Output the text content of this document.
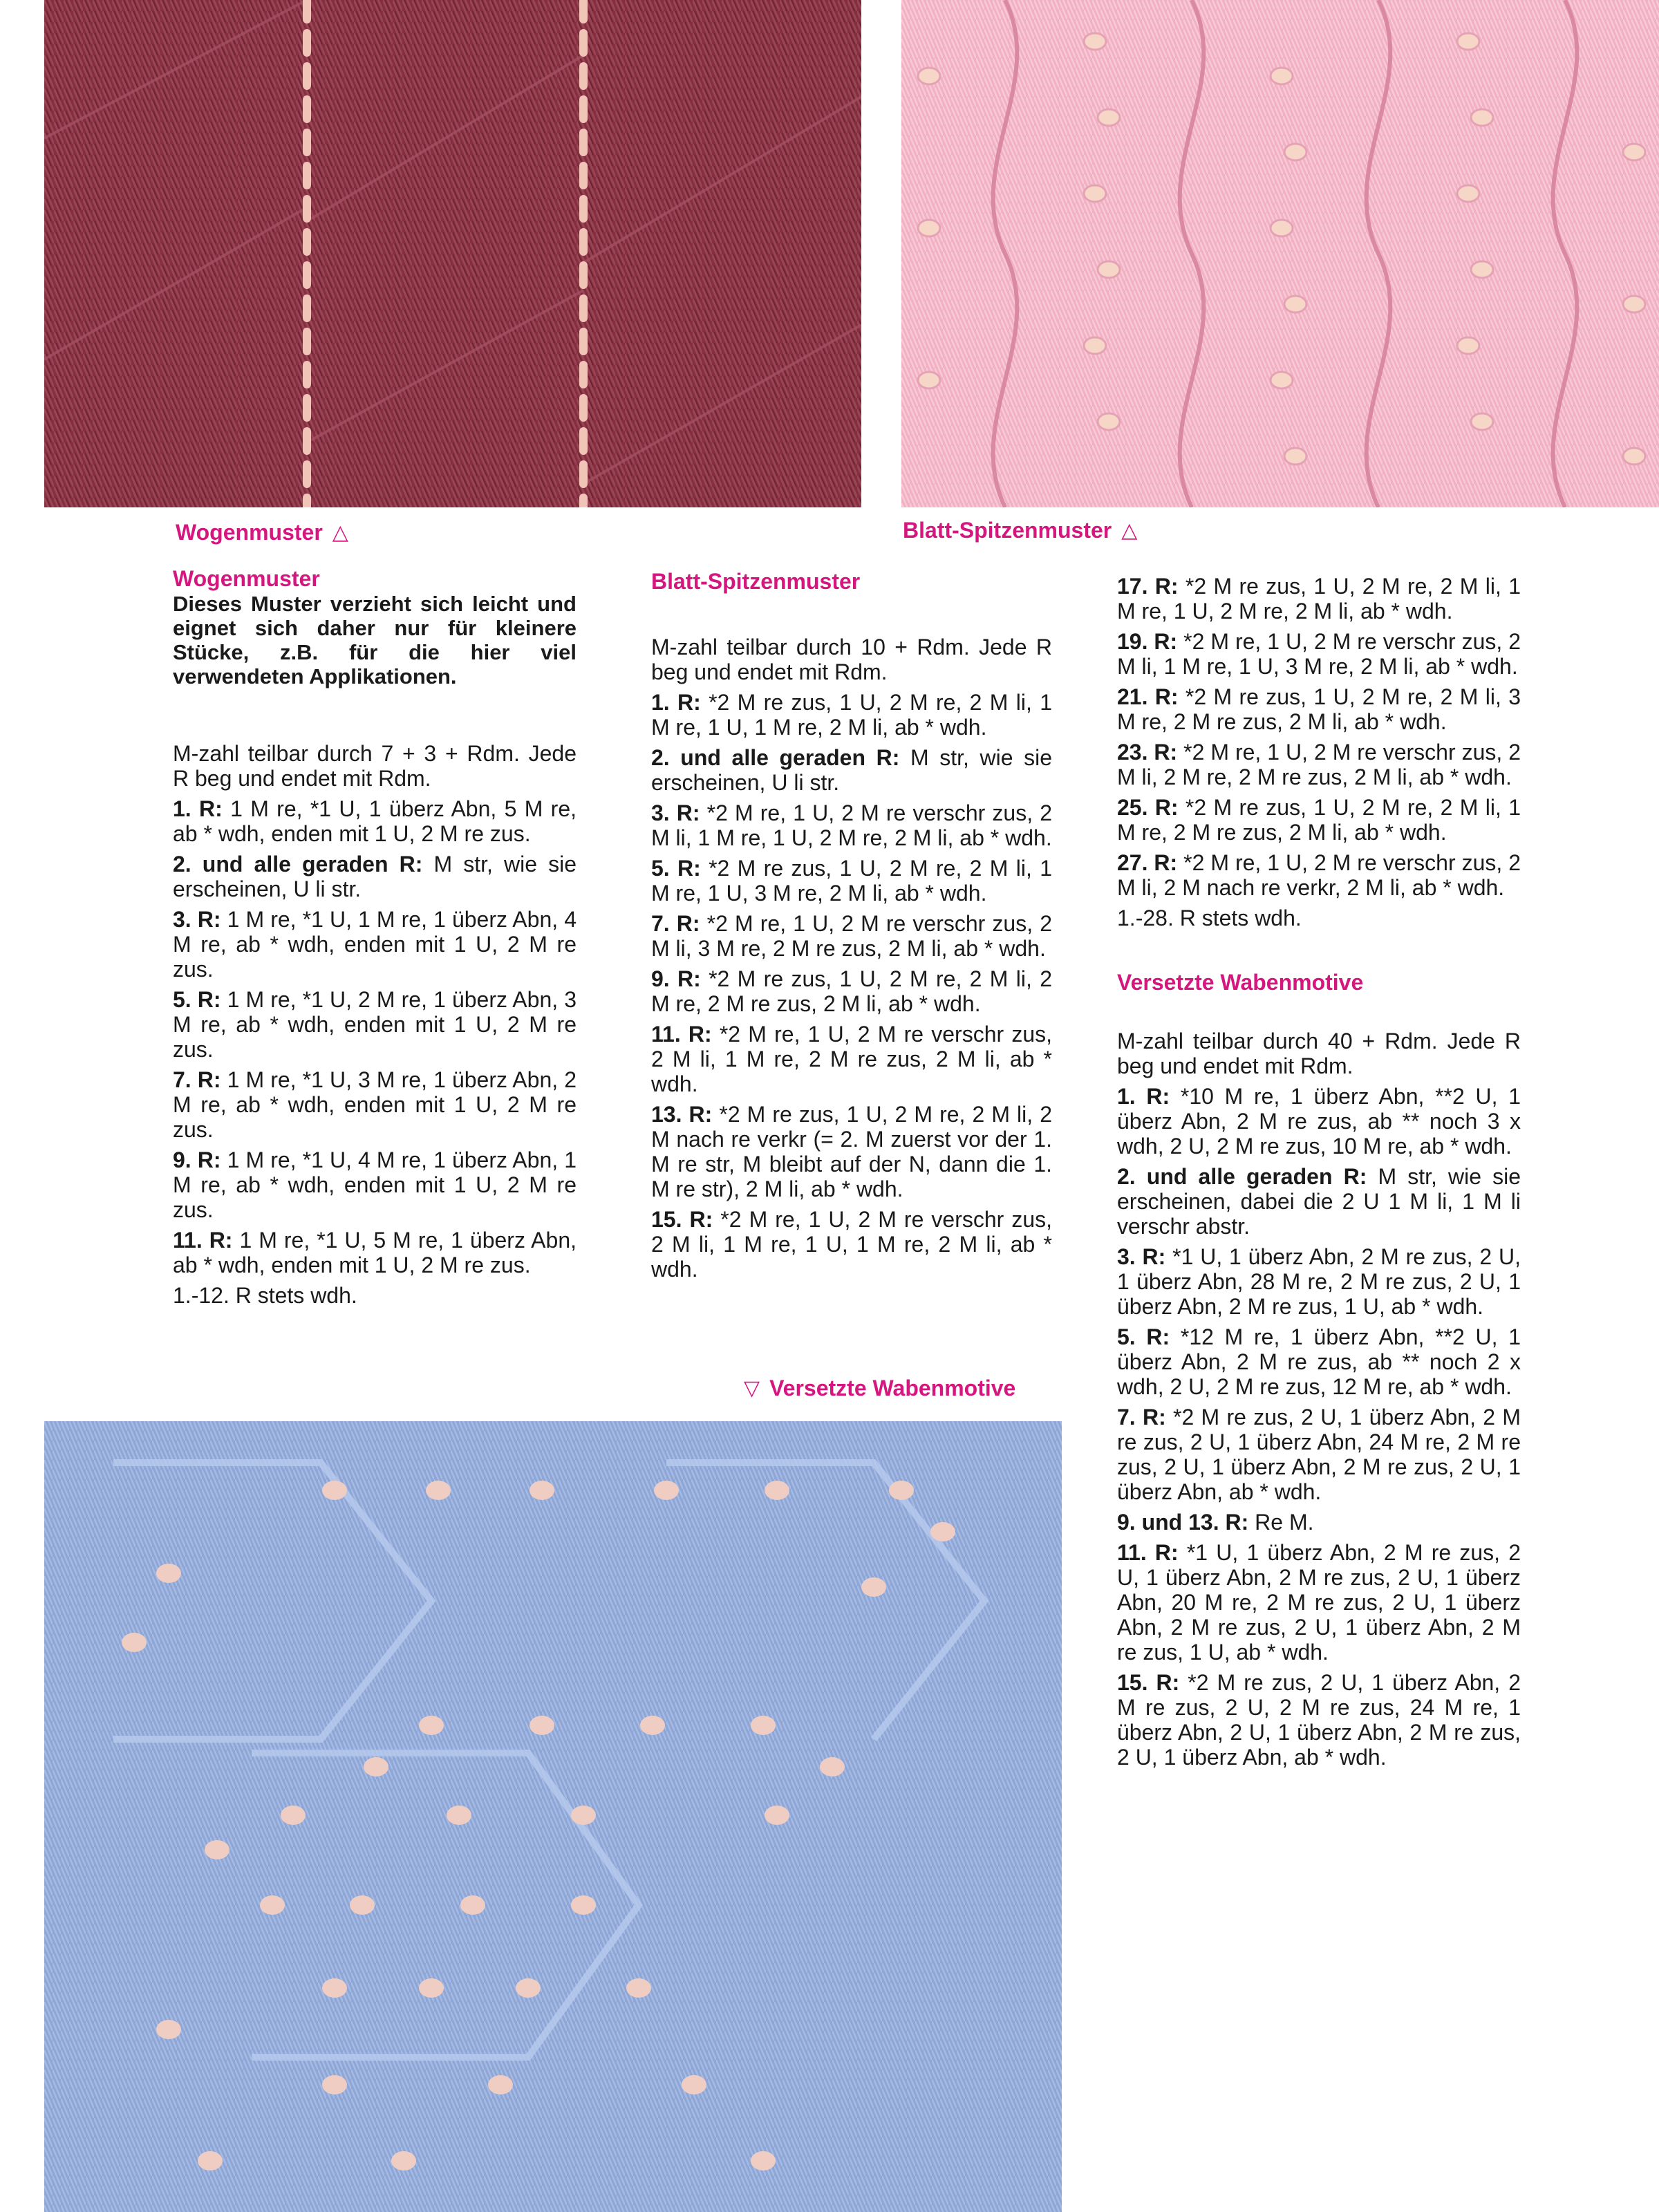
Wogenmuster △	Blatt-Spitzenmuster △
▽ Versetzte Wabenmotive
Wogenmuster

Dieses Muster verzieht sich leicht und eignet sich daher nur für kleinere Stücke, z.B. für die hier viel verwendeten Applikationen.

M-zahl teilbar durch 7 + 3 + Rdm. Jede R beg und endet mit Rdm.

1. R: 1 M re, *1 U, 1 überz Abn, 5 M re, ab * wdh, enden mit 1 U, 2 M re zus.

2. und alle geraden R: M str, wie sie erscheinen, U li str.

3. R: 1 M re, *1 U, 1 M re, 1 überz Abn, 4 M re, ab * wdh, enden mit 1 U, 2 M re zus.

5. R: 1 M re, *1 U, 2 M re, 1 überz Abn, 3 M re, ab * wdh, enden mit 1 U, 2 M re zus.

7. R: 1 M re, *1 U, 3 M re, 1 überz Abn, 2 M re, ab * wdh, enden mit 1 U, 2 M re zus.

9. R: 1 M re, *1 U, 4 M re, 1 überz Abn, 1 M re, ab * wdh, enden mit 1 U, 2 M re zus.

11. R: 1 M re, *1 U, 5 M re, 1 überz Abn, ab * wdh, enden mit 1 U, 2 M re zus.

1.-12. R stets wdh.

Blatt-Spitzenmuster

M-zahl teilbar durch 10 + Rdm. Jede R beg und endet mit Rdm.

1. R: *2 M re zus, 1 U, 2 M re, 2 M li, 1 M re, 1 U, 1 M re, 2 M li, ab * wdh.

2. und alle geraden R: M str, wie sie erscheinen, U li str.

3. R: *2 M re, 1 U, 2 M re verschr zus, 2 M li, 1 M re, 1 U, 2 M re, 2 M li, ab * wdh.

5. R: *2 M re zus, 1 U, 2 M re, 2 M li, 1 M re, 1 U, 3 M re, 2 M li, ab * wdh.

7. R: *2 M re, 1 U, 2 M re verschr zus, 2 M li, 3 M re, 2 M re zus, 2 M li, ab * wdh.

9. R: *2 M re zus, 1 U, 2 M re, 2 M li, 2 M re, 2 M re zus, 2 M li, ab * wdh.

11. R: *2 M re, 1 U, 2 M re verschr zus, 2 M li, 1 M re, 2 M re zus, 2 M li, ab * wdh.

13. R: *2 M re zus, 1 U, 2 M re, 2 M li, 2 M nach re verkr (= 2. M zuerst vor der 1. M re str, M bleibt auf der N, dann die 1. M re str), 2 M li, ab * wdh.

15. R: *2 M re, 1 U, 2 M re verschr zus, 2 M li, 1 M re, 1 U, 1 M re, 2 M li, ab * wdh.

17. R: *2 M re zus, 1 U, 2 M re, 2 M li, 1 M re, 1 U, 2 M re, 2 M li, ab * wdh.

19. R: *2 M re, 1 U, 2 M re verschr zus, 2 M li, 1 M re, 1 U, 3 M re, 2 M li, ab * wdh.

21. R: *2 M re zus, 1 U, 2 M re, 2 M li, 3 M re, 2 M re zus, 2 M li, ab * wdh.

23. R: *2 M re, 1 U, 2 M re verschr zus, 2 M li, 2 M re, 2 M re zus, 2 M li, ab * wdh.

25. R: *2 M re zus, 1 U, 2 M re, 2 M li, 1 M re, 2 M re zus, 2 M li, ab * wdh.

27. R: *2 M re, 1 U, 2 M re verschr zus, 2 M li, 2 M nach re verkr, 2 M li, ab * wdh.

1.-28. R stets wdh.

Versetzte Wabenmotive

M-zahl teilbar durch 40 + Rdm. Jede R beg und endet mit Rdm.

1. R: *10 M re, 1 überz Abn, **2 U, 1 überz Abn, 2 M re zus, ab ** noch 3 x wdh, 2 U, 2 M re zus, 10 M re, ab * wdh.

2. und alle geraden R: M str, wie sie erscheinen, dabei die 2 U 1 M li, 1 M li verschr abstr.

3. R: *1 U, 1 überz Abn, 2 M re zus, 2 U, 1 überz Abn, 28 M re, 2 M re zus, 2 U, 1 überz Abn, 2 M re zus, 1 U, ab * wdh.

5. R: *12 M re, 1 überz Abn, **2 U, 1 überz Abn, 2 M re zus, ab ** noch 2 x wdh, 2 U, 2 M re zus, 12 M re, ab * wdh.

7. R: *2 M re zus, 2 U, 1 überz Abn, 2 M re zus, 2 U, 1 überz Abn, 24 M re, 2 M re zus, 2 U, 1 überz Abn, 2 M re zus, 2 U, 1 überz Abn, ab * wdh.

9. und 13. R: Re M.

11. R: *1 U, 1 überz Abn, 2 M re zus, 2 U, 1 überz Abn, 2 M re zus, 2 U, 1 überz Abn, 20 M re, 2 M re zus, 2 U, 1 überz Abn, 2 M re zus, 2 U, 1 überz Abn, 2 M re zus, 1 U, ab * wdh.

15. R: *2 M re zus, 2 U, 1 überz Abn, 2 M re zus, 2 U, 2 M re zus, 24 M re, 1 überz Abn, 2 U, 1 überz Abn, 2 M re zus, 2 U, 1 überz Abn, ab * wdh.
